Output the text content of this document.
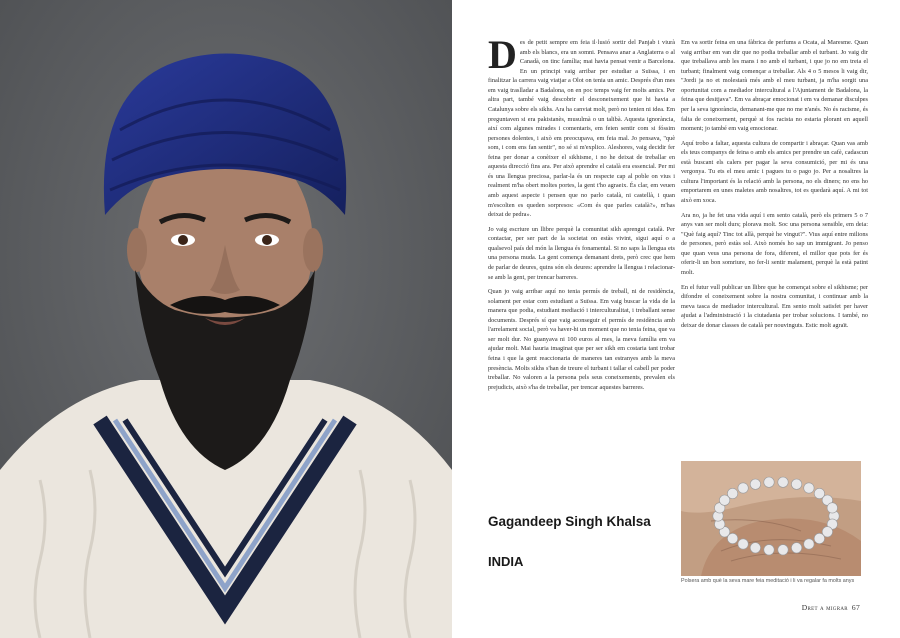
Des de petit sempre em feia il·lusió sortir del Panjab i viurà amb els blancs, era un somni. Pensava anar a Anglaterra o al Canadà, on tinc família; mai havia pensat venir a Barcelona. En un principi vaig arribar per estudiar a Suïssa, i en finalitzar la carrera vaig viatjar a Olot on tenia un amic. Després d'un mes em vaig traslladar a Badalona, on en poc temps vaig fer molts amics. Per altra part, també vaig descobrir el desconeixement que hi havia a Catalunya sobre els sikhs. Ara ha canviat molt, però no tenien ni idea. Em preguntaven si era pakistanès, musulmà o un talibà. Aquesta ignorància, així com algunes mirades i comentaris, em feien sentir com si fóssim persones dolentes, i això em preocupava, em feia mal. Jo pensava, "què som, i com ens fan sentir", no sé si m'explico. Aleshores, vaig decidir fer feina per donar a conèixer el sikhisme, i no he deixat de treballar en aquesta direcció fins ara. Per això aprendre el català era essencial. Per mi és una llengua preciosa, parlar-la és un respecte cap al poble on vius i realment m'ha obert moltes portes, la gent t'ho agraeix. És clar, em veuen amb aquest aspecte i pensen que no parlo català, ni castellà, i quan m'escolten es queden sorpresos: «Com és que parles català?», m'has deixat de pedra».

Jo vaig escriure un llibre perquè la comunitat sikh aprengui català. Per contactar, per ser part de la societat on estàs vivint, sigui aquí o a qualsevol país del món la llengua és fonamental. Si no saps la llengua ets una persona muda. La gent comença demanant drets, però crec que hem de parlar de deures, quins són els deures: aprendre la llengua i relacionar-se amb la gent, per trencar barreres.

Quan jo vaig arribar aquí no tenia permís de treball, ni de residència, solament per estar com estudiant a Suïssa. Em vaig buscar la vida de la manera que podia, estudiant mediació i interculturalitat, i treballant sense documents. Després sí que vaig aconseguir el permís de residència amb l'arrelament social, però va haver-hi un moment que no tenia feina, que va ser molt dur. No guanyava ni 100 euros al mes, la meva família em va ajudar molt. Mai hauria imaginat que per ser sikh em costaria tant trobar feina i que la gent reaccionaria de maneres tan estranyes amb la meva presència. Molts sikhs s'han de treure el turbant i tallar el cabell per poder treballar. No valoren a la persona pels seus coneixements, prevalen els prejudicis, això s'ha de treballar, per trencar aquestes barreres.

Em va sortir feina en una fàbrica de perfums a Ocata, al Maresme. Quan vaig arribar em van dir que no podia treballar amb el turbant. Jo vaig dir que treballava amb les mans i no amb el turbant, i que jo no em treia el turbant; finalment vaig començar a treballar. Als 4 o 5 mesos li vaig dir, "Jordi ja no et molestarà més amb el meu turbant, ja m'ha sorgit una oportunitat com a mediador intercultural a l'Ajuntament de Badalona, la feina que desitjava". Em va abraçar emocionat i em va demanar disculpes per la seva ignorància, demanant-me que no me n'anés. No és racisme, és falta de coneixement, perquè si fos racista no estaria plorant en aquell moment; jo també em vaig emocionar.

Aquí trobo a faltar, aquesta cultura de compartir i abraçar. Quan vas amb els teus companys de feina o amb els amics per prendre un cafè, cadascun està buscant els calers per pagar la seva consumició, per mi és una vergonya. Tu ets el meu amic i pagues tu o pago jo. Per a nosaltres la cultura l'important és la relació amb la persona, no els diners; no ens ho emportarem en unes maletes amb nosaltres, tot es quedarà aquí. A mi tot això em xoca.

Ara no, ja he fet una vida aquí i em sento català, però els primers 5 o 7 anys van ser molt durs; plorava molt. Soc una persona sensible, em deia: "Què faig aquí? Tinc tot allà, perquè he vingut?". Vius aquí entre milions de persones, però estàs sol. Això només ho sap un immigrant. Jo penso que quan veus una persona de fora, diferent, el millor que pots fer és oferir-li un bon somriure, no fer-li sentir malament, perquè la està patint molt.

En el futur vull publicar un llibre que he començat sobre el sikhisme; per difondre el coneixement sobre la nostra comunitat, i continuar amb la meva tasca de mediador intercultural. Em sento molt satisfet per haver ajudat a l'administració i la ciutadania per trobar solucions. I també, no deixar de donar classes de català per nouvinguts. Estic molt agraït.

Gagandeep Singh Khalsa
INDIA
Polsera amb què la seva mare feia meditació i li va regalar fa molts anys
Dret a migrar 67
